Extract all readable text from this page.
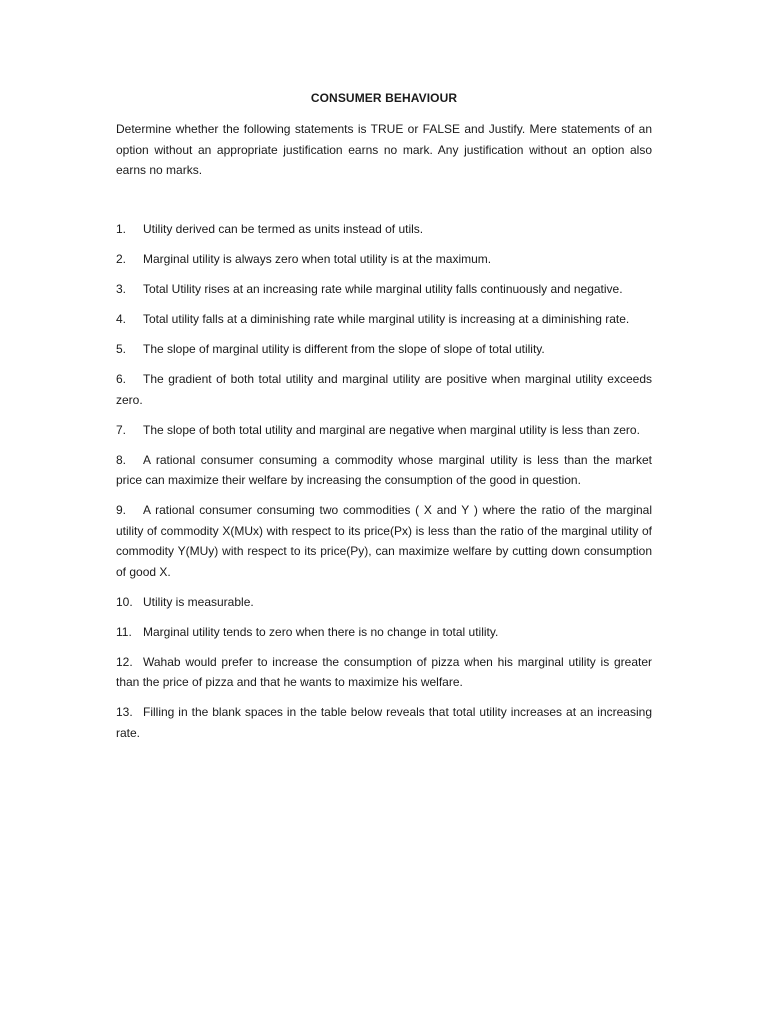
CONSUMER BEHAVIOUR

Determine whether the following statements is TRUE or FALSE and Justify. Mere statements of an option without an appropriate justification earns no mark. Any justification without an option also earns no marks.

1. Utility derived can be termed as units instead of utils.
2. Marginal utility is always zero when total utility is at the maximum.
3. Total Utility rises at an increasing rate while marginal utility falls continuously and negative.
4. Total utility falls at a diminishing rate while marginal utility is increasing at a diminishing rate.
5. The slope of marginal utility is different from the slope of slope of total utility.
6. The gradient of both total utility and marginal utility are positive when marginal utility exceeds zero.
7. The slope of both total utility and marginal are negative when marginal utility is less than zero.
8. A rational consumer consuming a commodity whose marginal utility is less than the market price can maximize their welfare by increasing the consumption of the good in question.
9. A rational consumer consuming two commodities ( X and Y ) where the ratio of the marginal utility of commodity X(MUx) with respect to its price(Px) is less than the ratio of the marginal utility of commodity Y(MUy) with respect to its price(Py), can maximize welfare by cutting down consumption of good X.
10. Utility is measurable.
11. Marginal utility tends to zero when there is no change in total utility.
12. Wahab would prefer to increase the consumption of pizza when his marginal utility is greater than the price of pizza and that he wants to maximize his welfare.
13. Filling in the blank spaces in the table below reveals that total utility increases at an increasing rate.
